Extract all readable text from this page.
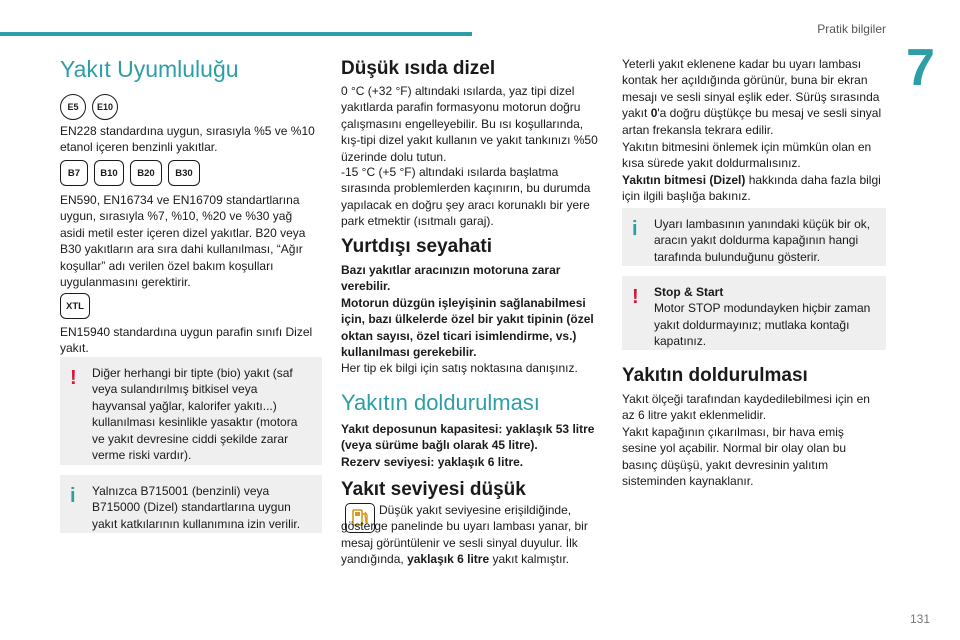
Pratik bilgiler
7
Yakıt Uyumluluğu
E5	E10

EN228 standardına uygun, sırasıyla %5 ve %10 etanol içeren benzinli yakıtlar.

B7	B10	B20	B30

EN590, EN16734 ve EN16709 standartlarına uygun, sırasıyla %7, %10, %20 ve %30 yağ asidi metil ester içeren dizel yakıtlar. B20 veya B30 yakıtların ara sıra dahi kullanılması, “Ağır koşullar” adı verilen özel bakım koşulları uygulanmasını gerektirir.

XTL

EN15940 standardına uygun parafin sınıfı Dizel yakıt.

!	Diğer herhangi bir tipte (bio) yakıt (saf veya sulandırılmış bitkisel veya hayvansal yağlar, kalorifer yakıtı...) kullanılması kesinlikle yasaktır (motora ve yakıt devresine ciddi şekilde zarar verme riski vardır).
i	Yalnızca B715001 (benzinli) veya B715000 (Dizel) standartlarına uygun yakıt katkılarının kullanımına izin verilir.
Düşük ısıda dizel

0 °C (+32 °F) altındaki ısılarda, yaz tipi dizel yakıtlarda parafin formasyonu motorun doğru çalışmasını engelleyebilir. Bu ısı koşullarında, kış-tipi dizel yakıt kullanın ve yakıt tankınızı %50 üzerinde dolu tutun.

-15 °C (+5 °F) altındaki ısılarda başlatma sırasında problemlerden kaçınırın, bu durumda yapılacak en doğru şey aracı korunaklı bir yere park etmektir (ısıtmalı garaj).

Yurtdışı seyahati

Bazı yakıtlar aracınızın motoruna zarar verebilir.

Motorun düzgün işleyişinin sağlanabilmesi için, bazı ülkelerde özel bir yakıt tipinin (özel oktan sayısı, özel ticari isimlendirme, vs.) kullanılması gerekebilir.

Her tip ek bilgi için satış noktasına danışınız.

Yakıtın doldurulması

Yakıt deposunun kapasitesi: yaklaşık 53 litre (veya sürüme bağlı olarak 45 litre).

Rezerv seviyesi: yaklaşık 6 litre.

Yakıt seviyesi düşük

Düşük yakıt seviyesine erişildiğinde, gösterge panelinde bu uyarı lambası yanar, bir mesaj görüntülenir ve sesli sinyal duyulur. İlk yandığında, yaklaşık 6 litre yakıt kalmıştır.

Yeterli yakıt eklenene kadar bu uyarı lambası kontak her açıldığında görünür, buna bir ekran mesajı ve sesli sinyal eşlik eder. Sürüş sırasında yakıt 0'a doğru düştükçe bu mesaj ve sesli sinyal artan frekansla tekrara edilir.

Yakıtın bitmesini önlemek için mümkün olan en kısa sürede yakıt doldurmalısınız.

Yakıtın bitmesi (Dizel) hakkında daha fazla bilgi için ilgili başlığa bakınız.

i	Uyarı lambasının yanındaki küçük bir ok, aracın yakıt doldurma kapağının hangi tarafında bulunduğunu gösterir.
!	Stop & Start
Motor STOP modundayken hiçbir zaman yakıt doldurmayınız; mutlaka kontağı kapatınız.
Yakıtın doldurulması

Yakıt ölçeği tarafından kaydedilebilmesi için en az 6 litre yakıt eklenmelidir.

Yakıt kapağının çıkarılması, bir hava emiş sesine yol açabilir. Normal bir olay olan bu basınç düşüşü, yakıt devresinin yalıtım sisteminden kaynaklanır.

131
